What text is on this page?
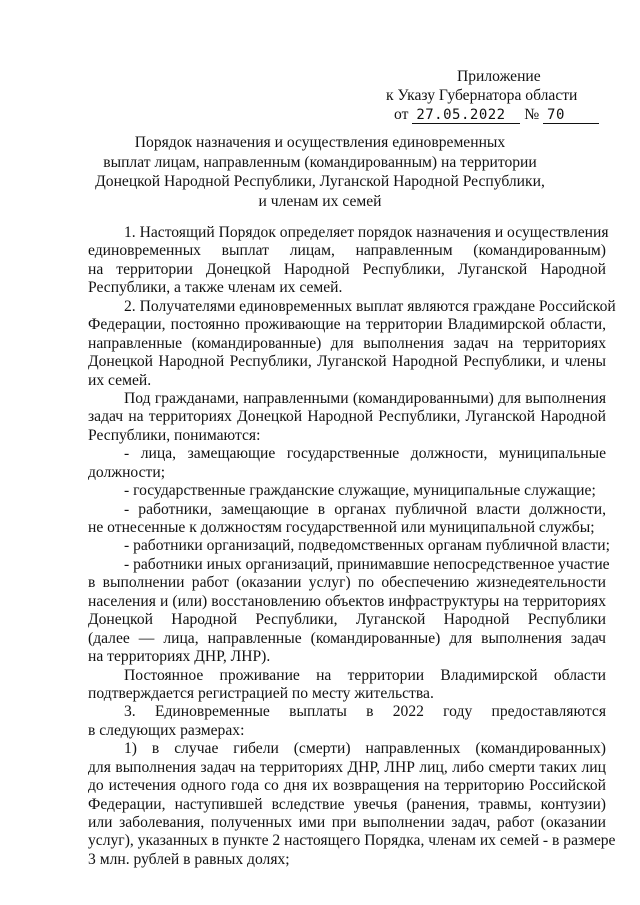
Приложение
к Указу Губернатора области
от 27.05.2022 № 70
Порядок назначения и осуществления единовременных
выплат лицам, направленным (командированным) на территории
Донецкой Народной Республики, Луганской Народной Республики,
и членам их семей
1. Настоящий Порядок определяет порядок назначения и осуществления
единовременных выплат лицам, направленным (командированным)
на территории Донецкой Народной Республики, Луганской Народной
Республики, а также членам их семей.
2. Получателями единовременных выплат являются граждане Российской
Федерации, постоянно проживающие на территории Владимирской области,
направленные (командированные) для выполнения задач на территориях
Донецкой Народной Республики, Луганской Народной Республики, и члены
их семей.
Под гражданами, направленными (командированными) для выполнения
задач на территориях Донецкой Народной Республики, Луганской Народной
Республики, понимаются:
- лица, замещающие государственные должности, муниципальные
должности;
- государственные гражданские служащие, муниципальные служащие;
- работники, замещающие в органах публичной власти должности,
не отнесенные к должностям государственной или муниципальной службы;
- работники организаций, подведомственных органам публичной власти;
- работники иных организаций, принимавшие непосредственное участие
в выполнении работ (оказании услуг) по обеспечению жизнедеятельности
населения и (или) восстановлению объектов инфраструктуры на территориях
Донецкой Народной Республики, Луганской Народной Республики
(далее — лица, направленные (командированные) для выполнения задач
на территориях ДНР, ЛНР).
Постоянное проживание на территории Владимирской области
подтверждается регистрацией по месту жительства.
3. Единовременные выплаты в 2022 году предоставляются
в следующих размерах:
1) в случае гибели (смерти) направленных (командированных)
для выполнения задач на территориях ДНР, ЛНР лиц, либо смерти таких лиц
до истечения одного года со дня их возвращения на территорию Российской
Федерации, наступившей вследствие увечья (ранения, травмы, контузии)
или заболевания, полученных ими при выполнении задач, работ (оказании
услуг), указанных в пункте 2 настоящего Порядка, членам их семей - в размере
3 млн. рублей в равных долях;
